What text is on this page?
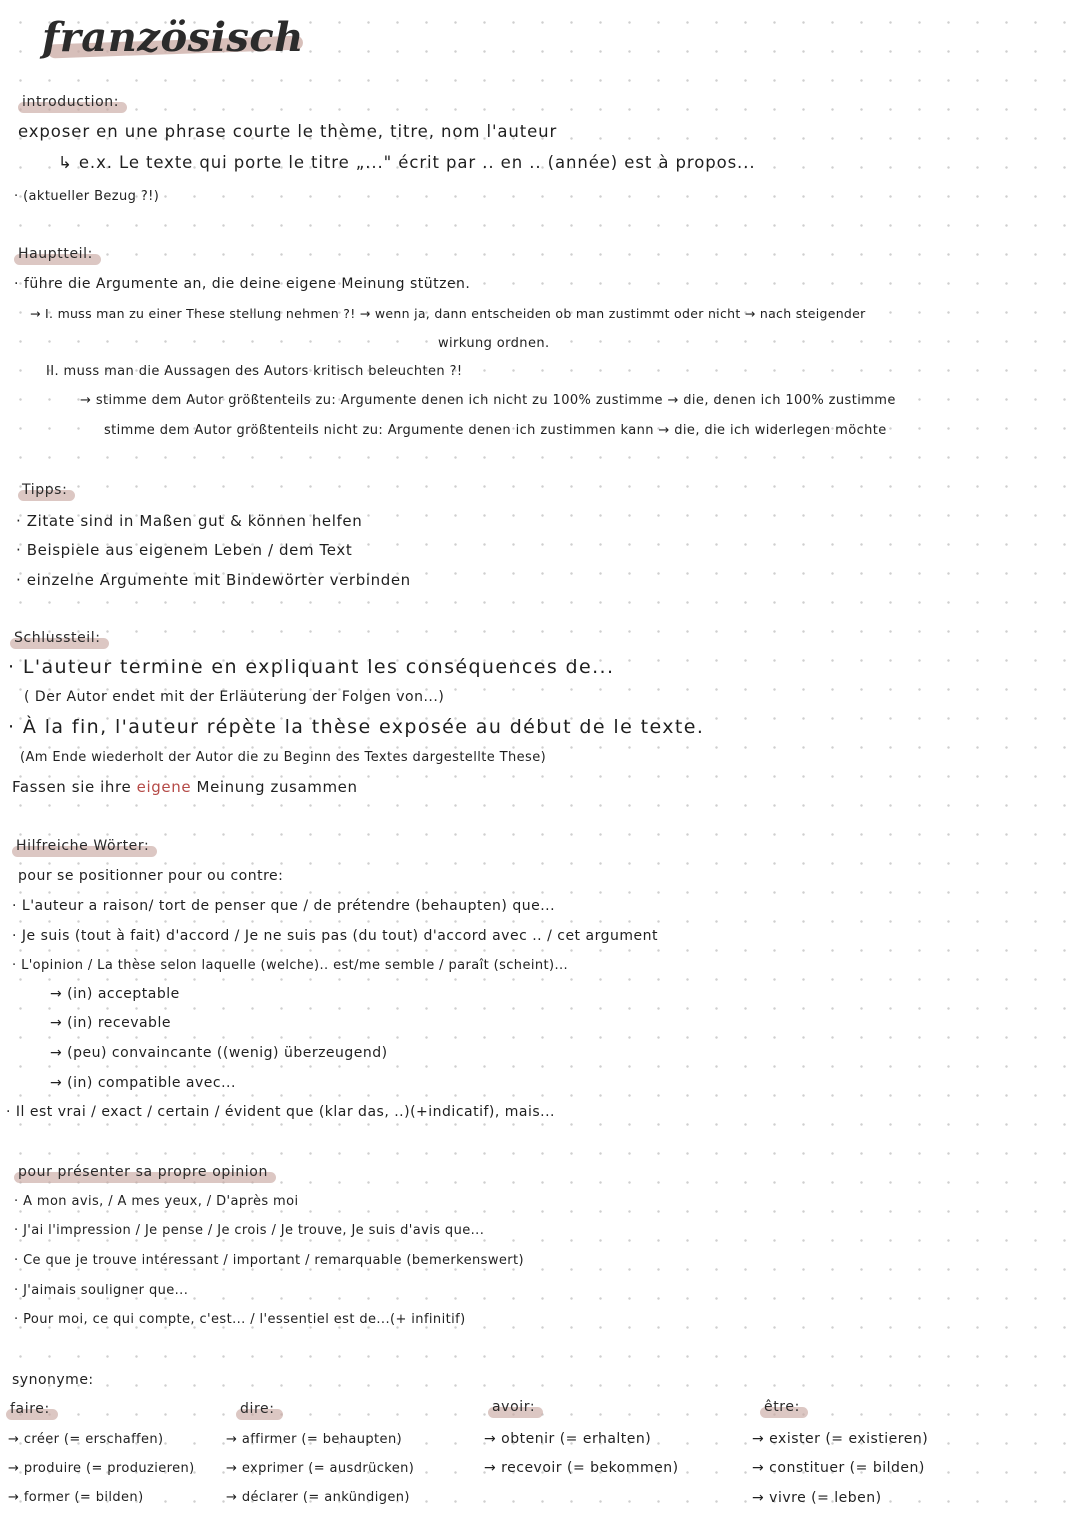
französisch
introduction:
exposer en une phrase courte le thème, titre, nom l'auteur
↳ e.x. Le texte qui porte le titre „..." écrit par .. en .. (année) est à propos...
· (aktueller Bezug ?!)
Hauptteil:
· führe die Argumente an, die deine eigene Meinung stützen.
→ I. muss man zu einer These stellung nehmen ?! → wenn ja, dann entscheiden ob man zustimmt oder nicht → nach steigender
wirkung ordnen.
II. muss man die Aussagen des Autors kritisch beleuchten ?!
→ stimme dem Autor größtenteils zu: Argumente denen ich nicht zu 100% zustimme → die, denen ich 100% zustimme
stimme dem Autor größtenteils nicht zu: Argumente denen ich zustimmen kann → die, die ich widerlegen möchte
Tipps:
· Zitate sind in Maßen gut & können helfen
· Beispiele aus eigenem Leben / dem Text
· einzelne Argumente mit Bindewörter verbinden
Schlussteil:
· L'auteur termine en expliquant les conséquences de...
( Der Autor endet mit der Erläuterung der Folgen von...)
· À la fin, l'auteur répète la thèse exposée au début de le texte.
(Am Ende wiederholt der Autor die zu Beginn des Textes dargestellte These)
Fassen sie ihre eigene Meinung zusammen
Hilfreiche Wörter:
pour se positionner pour ou contre:
· L'auteur a raison/ tort de penser que / de prétendre (behaupten) que...
· Je suis (tout à fait) d'accord / Je ne suis pas (du tout) d'accord avec .. / cet argument
· L'opinion / La thèse selon laquelle (welche).. est/me semble / paraît (scheint)...
→ (in) acceptable
→ (in) recevable
→ (peu) convaincante ((wenig) überzeugend)
→ (in) compatible avec...
· Il est vrai / exact / certain / évident que (klar das, ..)(+indicatif), mais...
pour présenter sa propre opinion
· A mon avis, / A mes yeux, / D'après moi
· J'ai l'impression / Je pense / Je crois / Je trouve, Je suis d'avis que...
· Ce que je trouve intéressant / important / remarquable (bemerkenswert)
· J'aimais souligner que...
· Pour moi, ce qui compte, c'est... / l'essentiel est de...(+ infinitif)
synonyme:
faire:
→ créer (= erschaffen)
→ produire (= produzieren)
→ former (= bilden)
dire:
→ affirmer (= behaupten)
→ exprimer (= ausdrücken)
→ déclarer (= ankündigen)
avoir:
→ obtenir (= erhalten)
→ recevoir (= bekommen)
être:
→ exister (= existieren)
→ constituer (= bilden)
→ vivre (= leben)
